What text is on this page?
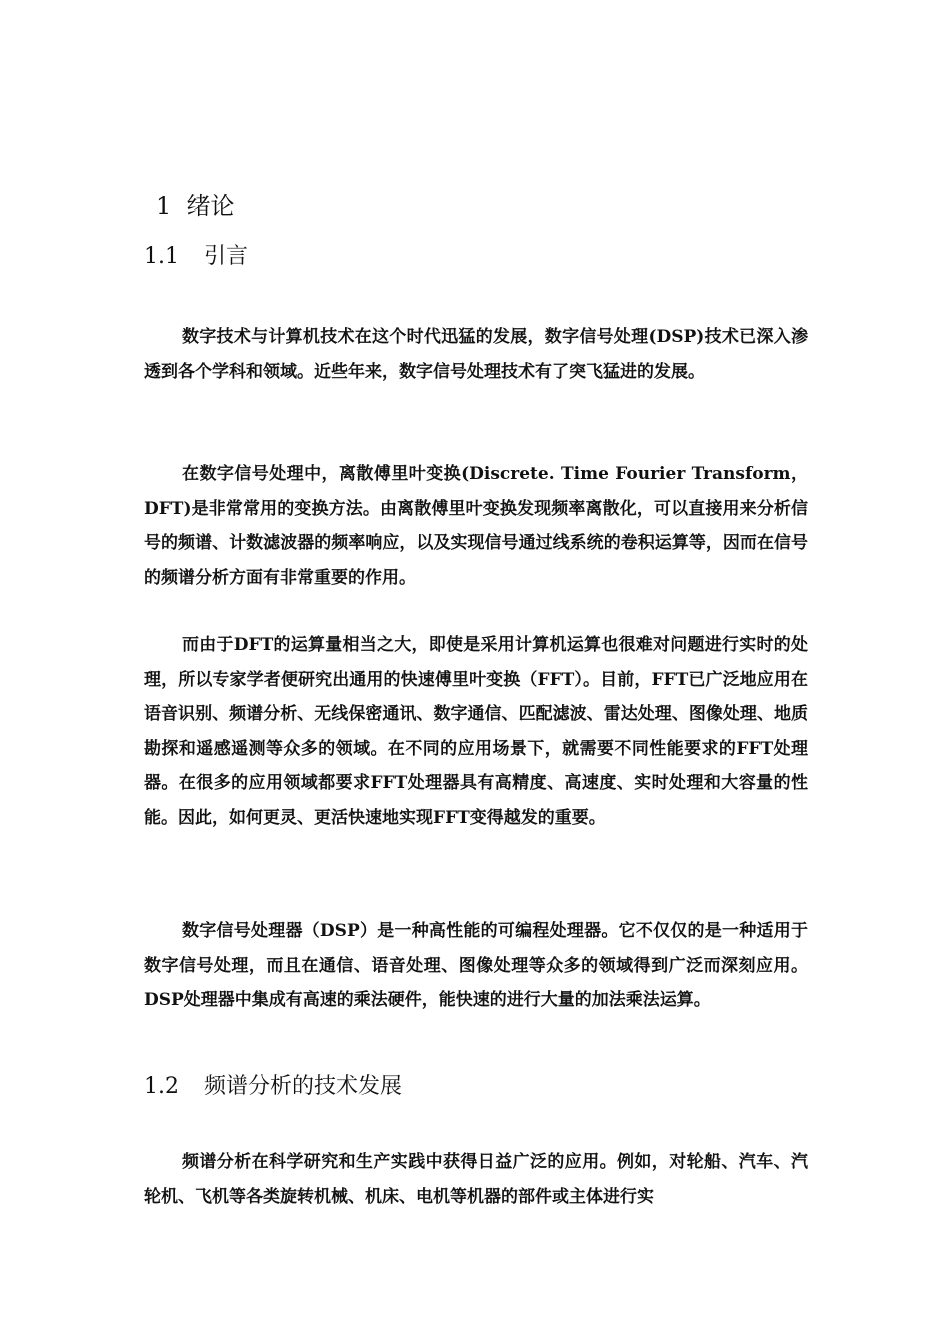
1 绪论
1.1 引言

数字技术与计算机技术在这个时代迅猛的发展，数字信号处理(DSP)技术已深入渗透到各个学科和领域。近些年来，数字信号处理技术有了突飞猛进的发展。

在数字信号处理中，离散傅里叶变换(Discrete. Time Fourier Transform，DFT)是非常常用的变换方法。由离散傅里叶变换发现频率离散化，可以直接用来分析信号的频谱、计数滤波器的频率响应，以及实现信号通过线系统的卷积运算等，因而在信号的频谱分析方面有非常重要的作用。

而由于DFT的运算量相当之大，即使是采用计算机运算也很难对问题进行实时的处理，所以专家学者便研究出通用的快速傅里叶变换（FFT）。目前，FFT已广泛地应用在语音识别、频谱分析、无线保密通讯、数字通信、匹配滤波、雷达处理、图像处理、地质勘探和遥感遥测等众多的领域。在不同的应用场景下，就需要不同性能要求的FFT处理器。在很多的应用领域都要求FFT处理器具有高精度、高速度、实时处理和大容量的性能。因此，如何更灵、更活快速地实现FFT变得越发的重要。

数字信号处理器（DSP）是一种高性能的可编程处理器。它不仅仅的是一种适用于数字信号处理，而且在通信、语音处理、图像处理等众多的领域得到广泛而深刻应用。DSP处理器中集成有高速的乘法硬件，能快速的进行大量的加法乘法运算。

1.2 频谱分析的技术发展

频谱分析在科学研究和生产实践中获得日益广泛的应用。例如，对轮船、汽车、汽轮机、飞机等各类旋转机械、机床、电机等机器的部件或主体进行实
